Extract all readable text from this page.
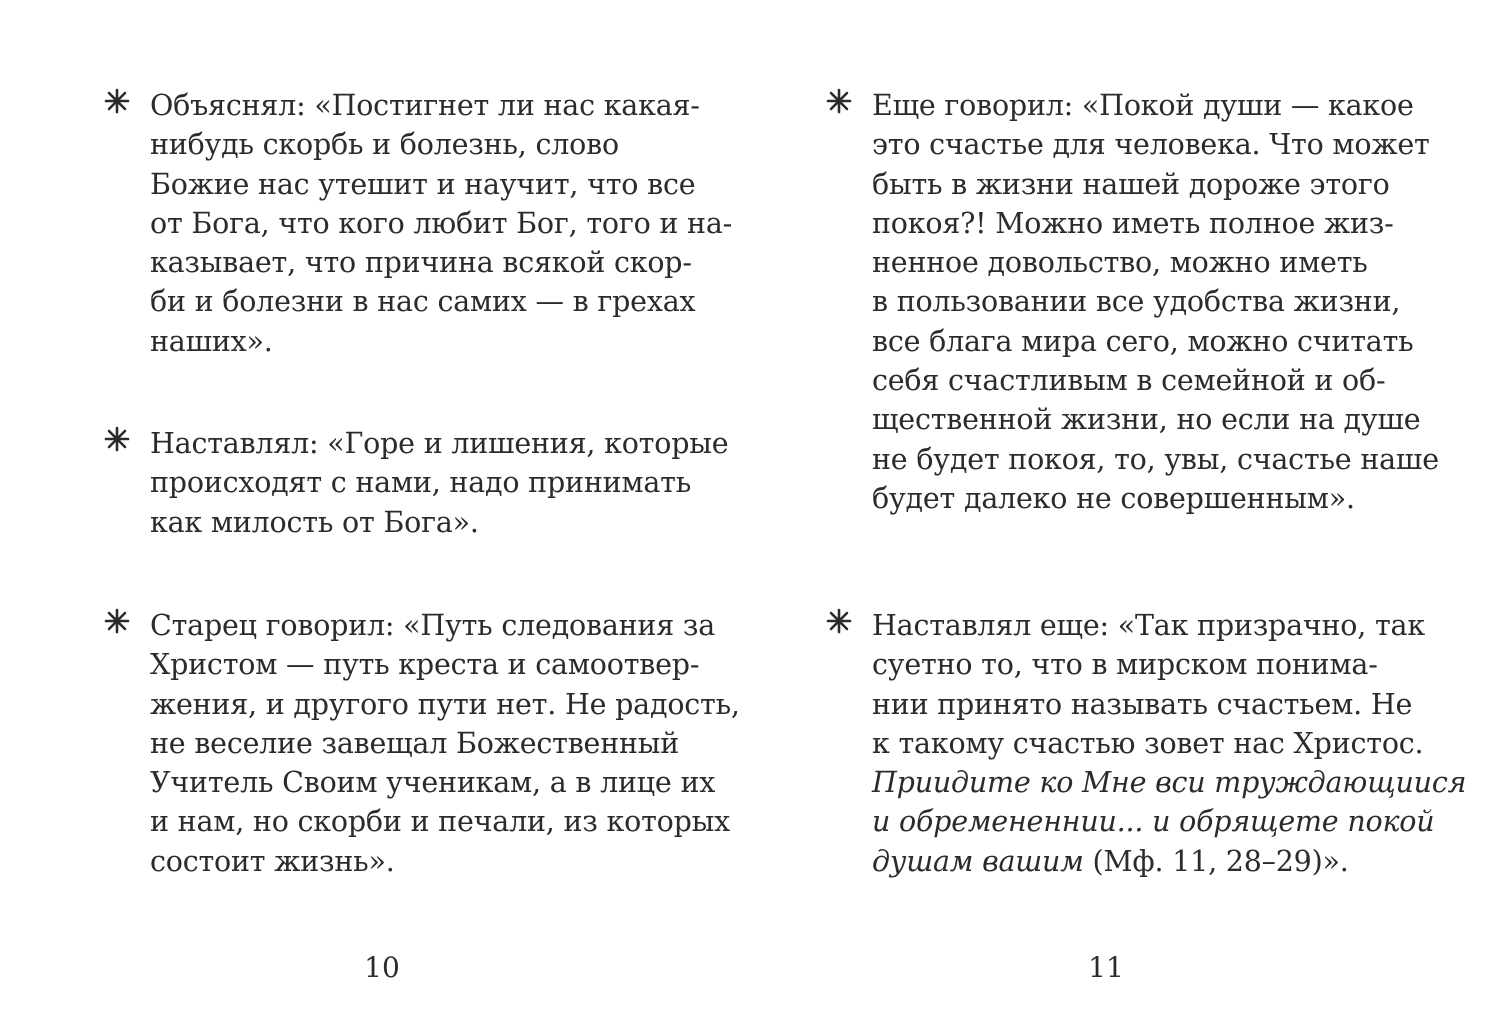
Объяснял: «Постигнет ли нас какая-
нибудь скорбь и болезнь, слово
Божие нас утешит и научит, что все
от Бога, что кого любит Бог, того и на-
казывает, что причина всякой скор-
би и болезни в нас самих — в грехах
наших».
Наставлял: «Горе и лишения, которые
происходят с нами, надо принимать
как милость от Бога».
Старец говорил: «Путь следования за
Христом — путь креста и самоотвер-
жения, и другого пути нет. Не радость,
не веселие завещал Божественный
Учитель Своим ученикам, а в лице их
и нам, но скорби и печали, из которых
состоит жизнь».
10
Еще говорил: «Покой души — какое
это счастье для человека. Что может
быть в жизни нашей дороже этого
покоя?! Можно иметь полное жиз-
ненное довольство, можно иметь
в пользовании все удобства жизни,
все блага мира сего, можно считать
себя счастливым в семейной и об-
щественной жизни, но если на душе
не будет покоя, то, увы, счастье наше
будет далеко не совершенным».
Наставлял еще: «Так призрачно, так
суетно то, что в мирском понима-
нии принято называть счастьем. Не
к такому счастью зовет нас Христос.
Приидите ко Мне вси труждающиися
и обремененнии... и обрящете покой
душам вашим (Мф. 11, 28–29)».
11
